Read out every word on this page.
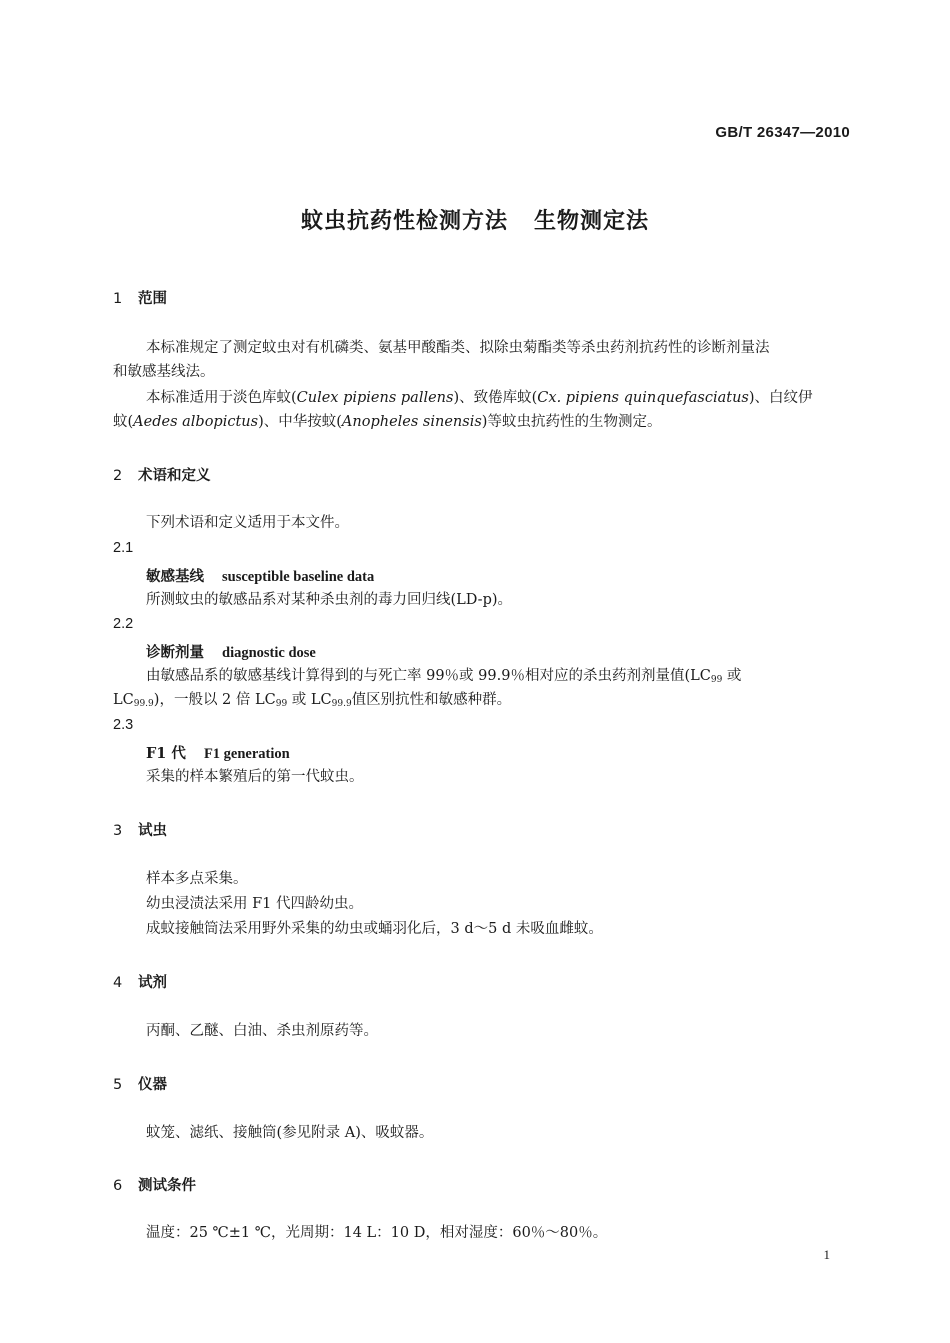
GB/T 26347—2010
蚊虫抗药性检测方法 生物测定法
1 范围
本标准规定了测定蚊虫对有机磷类、氨基甲酸酯类、拟除虫菊酯类等杀虫药剂抗药性的诊断剂量法
和敏感基线法。
本标准适用于淡色库蚊(Culex pipiens pallens)、致倦库蚊(Cx. pipiens quinquefasciatus)、白纹伊
蚊(Aedes albopictus)、中华按蚊(Anopheles sinensis)等蚊虫抗药性的生物测定。
2 术语和定义
下列术语和定义适用于本文件。
2.1
敏感基线 susceptible baseline data
所测蚊虫的敏感品系对某种杀虫剂的毒力回归线(LD-p)。
2.2
诊断剂量 diagnostic dose
由敏感品系的敏感基线计算得到的与死亡率 99％或 99.9％相对应的杀虫药剂剂量值($LC_{99}$ 或
$LC_{99.9}$)，一般以 2 倍 $LC_{99}$ 或 $LC_{99.9}$值区别抗性和敏感种群。
2.3
F1 代 F1 generation
采集的样本繁殖后的第一代蚊虫。
3 试虫
样本多点采集。
幼虫浸渍法采用 F1 代四龄幼虫。
成蚊接触筒法采用野外采集的幼虫或蛹羽化后，3 d～5 d 未吸血雌蚊。
4 试剂
丙酮、乙醚、白油、杀虫剂原药等。
5 仪器
蚊笼、滤纸、接触筒(参见附录 A)、吸蚊器。
6 测试条件
温度：25 ℃±1 ℃，光周期：14 L：10 D，相对湿度：60％～80％。
1
